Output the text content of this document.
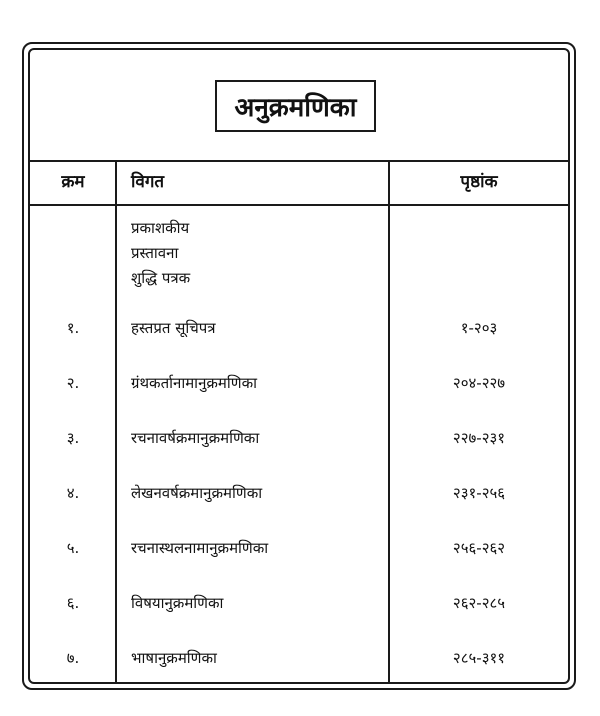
अनुक्रमणिका
क्रम	विगत	पृष्ठांक
प्रकाशकीय
प्रस्तावना
शुद्धि पत्रक
१.	हस्तप्रत सूचिपत्र	१-२०३
२.	ग्रंथकर्तानामानुक्रमणिका	२०४-२२७
३.	रचनावर्षक्रमानुक्रमणिका	२२७-२३१
४.	लेखनवर्षक्रमानुक्रमणिका	२३१-२५६
५.	रचनास्थलनामानुक्रमणिका	२५६-२६२
६.	विषयानुक्रमणिका	२६२-२८५
७.	भाषानुक्रमणिका	२८५-३११
